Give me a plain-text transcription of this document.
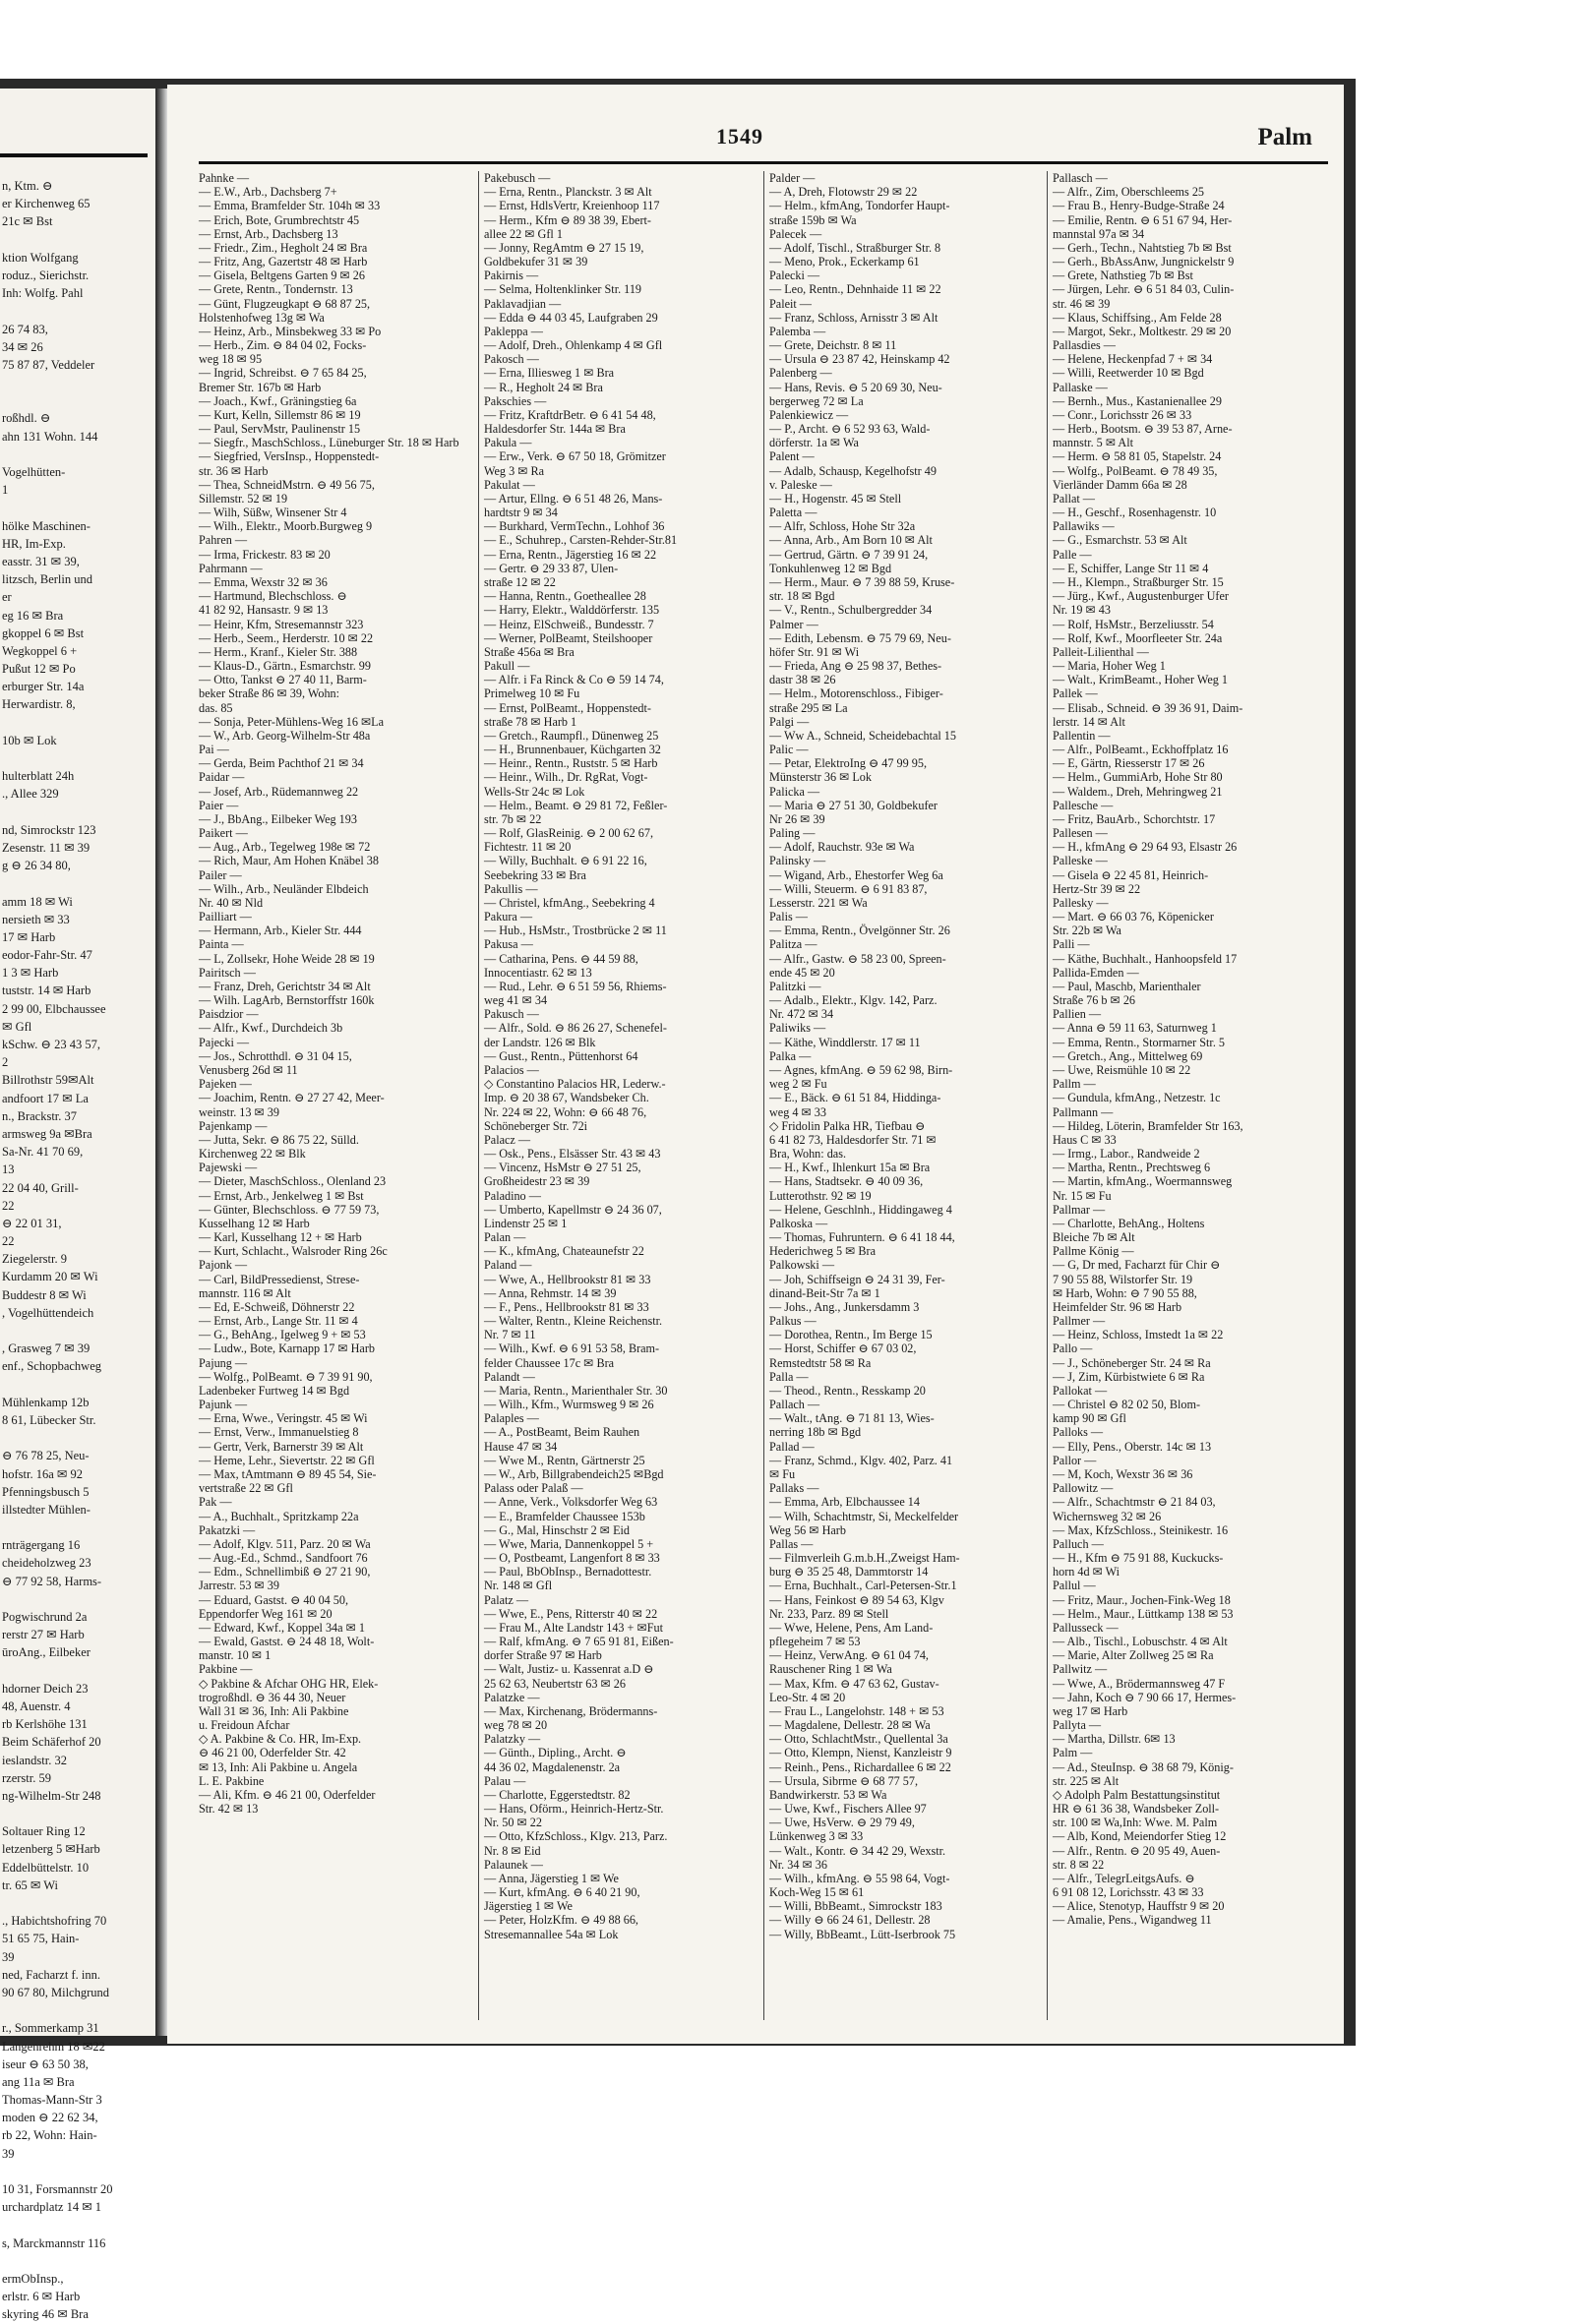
n, Ktm. ⊖
er Kirchenweg 65
21c ✉ Bst
ktion Wolfgang
roduz., Sierichstr.
Inh: Wolfg. Pahl
26 74 83,
34 ✉ 26
75 87 87, Veddeler
roßhdl. ⊖
ahn 131 Wohn. 144
Vogelhütten-
1
hölke Maschinen-
HR, Im-Exp.
easstr. 31 ✉ 39,
litzsch, Berlin und
er
eg 16 ✉ Bra
gkoppel 6 ✉ Bst
Wegkoppel 6 +
Pußut 12 ✉ Po
erburger Str. 14a
Herwardistr. 8,
10b ✉ Lok
hulterblatt 24h
., Allee 329
nd, Simrockstr 123
Zesenstr. 11 ✉ 39
g ⊖ 26 34 80,
amm 18 ✉ Wi
nersieth ✉ 33
17 ✉ Harb
eodor-Fahr-Str. 47
1 3 ✉ Harb
tuststr. 14 ✉ Harb
2 99 00, Elbchaussee
✉ Gfl
kSchw. ⊖ 23 43 57,
2
Billrothstr 59✉Alt
andfoort 17 ✉ La
n., Brackstr. 37
armsweg 9a ✉Bra
Sa-Nr. 41 70 69,
13
22 04 40, Grill-
22
⊖ 22 01 31,
22
Ziegelerstr. 9
Kurdamm 20 ✉ Wi
Buddestr 8 ✉ Wi
, Vogelhüttendeich
, Grasweg 7 ✉ 39
enf., Schopbachweg
Mühlenkamp 12b
8 61, Lübecker Str.
⊖ 76 78 25, Neu-
hofstr. 16a ✉ 92
Pfenningsbusch 5
illstedter Mühlen-
rnträgergang 16
cheideholzweg 23
⊖ 77 92 58, Harms-
Pogwischrund 2a
rerstr 27 ✉ Harb
ūroAng., Eilbeker
hdorner Deich 23
48, Auenstr. 4
rb Kerlshöhe 131
Beim Schäferhof 20
ieslandstr. 32
rzerstr. 59
ng-Wilhelm-Str 248
Soltauer Ring 12
letzenberg 5 ✉Harb
Eddelbüttelstr. 10
tr. 65 ✉ Wi
., Habichtshofring 70
51 65 75, Hain-
39
ned, Facharzt f. inn.
90 67 80, Milchgrund
r., Sommerkamp 31
Langenrehm 18 ✉22
iseur ⊖ 63 50 38,
ang 11a ✉ Bra
Thomas-Mann-Str 3
moden ⊖ 22 62 34,
rb 22, Wohn: Hain-
39
10 31, Forsmannstr 20
urchardplatz 14 ✉ 1
s, Marckmannstr 116
ermObInsp.,
erlstr. 6 ✉ Harb
skyring 46 ✉ Bra
1549	Palm
Pahnke —
— E.W., Arb., Dachsberg 7+
— Emma, Bramfelder Str. 104h ✉ 33
— Erich, Bote, Grumbrechtstr 45
— Ernst, Arb., Dachsberg 13
— Friedr., Zim., Hegholt 24 ✉ Bra
— Fritz, Ang, Gazertstr 48 ✉ Harb
— Gisela, Beltgens Garten 9 ✉ 26
— Grete, Rentn., Tondernstr. 13
— Günt, Flugzeugkapt ⊖ 68 87 25,
Holstenhofweg 13g ✉ Wa
— Heinz, Arb., Minsbekweg 33 ✉ Po
— Herb., Zim. ⊖ 84 04 02, Focks-
weg 18 ✉ 95
— Ingrid, Schreibst. ⊖ 7 65 84 25,
Bremer Str. 167b ✉ Harb
— Joach., Kwf., Gräningstieg 6a
— Kurt, Kelln, Sillemstr 86 ✉ 19
— Paul, ServMstr, Paulinenstr 15
— Siegfr., MaschSchloss., Lüneburger Str. 18 ✉ Harb
— Siegfried, VersInsp., Hoppenstedt-
str. 36 ✉ Harb
— Thea, SchneidMstrn. ⊖ 49 56 75,
Sillemstr. 52 ✉ 19
— Wilh, Süßw, Winsener Str 4
— Wilh., Elektr., Moorb.Burgweg 9
Pahren —
— Irma, Frickestr. 83 ✉ 20
Pahrmann —
— Emma, Wexstr 32 ✉ 36
— Hartmund, Blechschloss. ⊖
41 82 92, Hansastr. 9 ✉ 13
— Heinr, Kfm, Stresemannstr 323
— Herb., Seem., Herderstr. 10 ✉ 22
— Herm., Kranf., Kieler Str. 388
— Klaus-D., Gärtn., Esmarchstr. 99
— Otto, Tankst ⊖ 27 40 11, Barm-
beker Straße 86 ✉ 39, Wohn:
das. 85
— Sonja, Peter-Mühlens-Weg 16 ✉La
— W., Arb. Georg-Wilhelm-Str 48a
Pai —
— Gerda, Beim Pachthof 21 ✉ 34
Paidar —
— Josef, Arb., Rüdemannweg 22
Paier —
— J., BbAng., Eilbeker Weg 193
Paikert —
— Aug., Arb., Tegelweg 198e ✉ 72
— Rich, Maur, Am Hohen Knäbel 38
Pailer —
— Wilh., Arb., Neuländer Elbdeich
Nr. 40 ✉ Nld
Pailliart —
— Hermann, Arb., Kieler Str. 444
Painta —
— L, Zollsekr, Hohe Weide 28 ✉ 19
Pairitsch —
— Franz, Dreh, Gerichtstr 34 ✉ Alt
— Wilh. LagArb, Bernstorffstr 160k
Paisdzior —
— Alfr., Kwf., Durchdeich 3b
Pajecki —
— Jos., Schrotthdl. ⊖ 31 04 15,
Venusberg 26d ✉ 11
Pajeken —
— Joachim, Rentn. ⊖ 27 27 42, Meer-
weinstr. 13 ✉ 39
Pajenkamp —
— Jutta, Sekr. ⊖ 86 75 22, Sülld.
Kirchenweg 22 ✉ Blk
Pajewski —
— Dieter, MaschSchloss., Olenland 23
— Ernst, Arb., Jenkelweg 1 ✉ Bst
— Günter, Blechschloss. ⊖ 77 59 73,
Kusselhang 12 ✉ Harb
— Karl, Kusselhang 12 + ✉ Harb
— Kurt, Schlacht., Walsroder Ring 26c
Pajonk —
— Carl, BildPressedienst, Strese-
mannstr. 116 ✉ Alt
— Ed, E-Schweiß, Döhnerstr 22
— Ernst, Arb., Lange Str. 11 ✉ 4
— G., BehAng., Igelweg 9 + ✉ 53
— Ludw., Bote, Karnapp 17 ✉ Harb
Pajung —
— Wolfg., PolBeamt. ⊖ 7 39 91 90,
Ladenbeker Furtweg 14 ✉ Bgd
Pajunk —
— Erna, Wwe., Veringstr. 45 ✉ Wi
— Ernst, Verw., Immanuelstieg 8
— Gertr, Verk, Barnerstr 39 ✉ Alt
— Heme, Lehr., Sievertstr. 22 ✉ Gfl
— Max, tAmtmann ⊖ 89 45 54, Sie-
vertstraße 22 ✉ Gfl
Pak —
— A., Buchhalt., Spritzkamp 22a
Pakatzki —
— Adolf, Klgv. 511, Parz. 20 ✉ Wa
— Aug.-Ed., Schmd., Sandfoort 76
— Edm., Schnellimbiß ⊖ 27 21 90,
Jarrestr. 53 ✉ 39
— Eduard, Gastst. ⊖ 40 04 50,
Eppendorfer Weg 161 ✉ 20
— Edward, Kwf., Koppel 34a ✉ 1
— Ewald, Gastst. ⊖ 24 48 18, Wolt-
manstr. 10 ✉ 1
Pakbine —
◇ Pakbine & Afchar OHG HR, Elek-
trogroßhdl. ⊖ 36 44 30, Neuer
Wall 31 ✉ 36, Inh: Ali Pakbine
u. Freidoun Afchar
◇ A. Pakbine & Co. HR, Im-Exp.
⊖ 46 21 00, Oderfelder Str. 42
✉ 13, Inh: Ali Pakbine u. Angela
L. E. Pakbine
— Ali, Kfm. ⊖ 46 21 00, Oderfelder
Str. 42 ✉ 13
Pakebusch —
— Erna, Rentn., Planckstr. 3 ✉ Alt
— Ernst, HdlsVertr, Kreienhoop 117
— Herm., Kfm ⊖ 89 38 39, Ebert-
allee 22 ✉ Gfl 1
— Jonny, RegAmtm ⊖ 27 15 19,
Goldbekufer 31 ✉ 39
Pakirnis —
— Selma, Holtenklinker Str. 119
Paklavadjian —
— Edda ⊖ 44 03 45, Laufgraben 29
Pakleppa —
— Adolf, Dreh., Ohlenkamp 4 ✉ Gfl
Pakosch —
— Erna, Illiesweg 1 ✉ Bra
— R., Hegholt 24 ✉ Bra
Pakschies —
— Fritz, KraftdrBetr. ⊖ 6 41 54 48,
Haldesdorfer Str. 144a ✉ Bra
Pakula —
— Erw., Verk. ⊖ 67 50 18, Grömitzer
Weg 3 ✉ Ra
Pakulat —
— Artur, Ellng. ⊖ 6 51 48 26, Mans-
hardtstr 9 ✉ 34
— Burkhard, VermTechn., Lohhof 36
— E., Schuhrep., Carsten-Rehder-Str.81
— Erna, Rentn., Jägerstieg 16 ✉ 22
— Gertr. ⊖ 29 33 87, Ulen-
straße 12 ✉ 22
— Hanna, Rentn., Goetheallee 28
— Harry, Elektr., Walddörferstr. 135
— Heinz, ElSchweiß., Bundesstr. 7
— Werner, PolBeamt, Steilshooper
Straße 456a ✉ Bra
Pakull —
— Alfr. i Fa Rinck & Co ⊖ 59 14 74,
Primelweg 10 ✉ Fu
— Ernst, PolBeamt., Hoppenstedt-
straße 78 ✉ Harb 1
— Gretch., Raumpfl., Dünenweg 25
— H., Brunnenbauer, Küchgarten 32
— Heinr., Rentn., Ruststr. 5 ✉ Harb
— Heinr., Wilh., Dr. RgRat, Vogt-
Wells-Str 24c ✉ Lok
— Helm., Beamt. ⊖ 29 81 72, Feßler-
str. 7b ✉ 22
— Rolf, GlasReinig. ⊖ 2 00 62 67,
Fichtestr. 11 ✉ 20
— Willy, Buchhalt. ⊖ 6 91 22 16,
Seebekring 33 ✉ Bra
Pakullis —
— Christel, kfmAng., Seebekring 4
Pakura —
— Hub., HsMstr., Trostbrücke 2 ✉ 11
Pakusa —
— Catharina, Pens. ⊖ 44 59 88,
Innocentiastr. 62 ✉ 13
— Rud., Lehr. ⊖ 6 51 59 56, Rhiems-
weg 41 ✉ 34
Pakusch —
— Alfr., Sold. ⊖ 86 26 27, Schenefel-
der Landstr. 126 ✉ Blk
— Gust., Rentn., Püttenhorst 64
Palacios —
◇ Constantino Palacios HR, Lederw.-
Imp. ⊖ 20 38 67, Wandsbeker Ch.
Nr. 224 ✉ 22, Wohn: ⊖ 66 48 76,
Schöneberger Str. 72i
Palacz —
— Osk., Pens., Elsässer Str. 43 ✉ 43
— Vincenz, HsMstr ⊖ 27 51 25,
Großheidestr 23 ✉ 39
Paladino —
— Umberto, Kapellmstr ⊖ 24 36 07,
Lindenstr 25 ✉ 1
Palan —
— K., kfmAng, Chateaunefstr 22
Paland —
— Wwe, A., Hellbrookstr 81 ✉ 33
— Anna, Rehmstr. 14 ✉ 39
— F., Pens., Hellbrookstr 81 ✉ 33
— Walter, Rentn., Kleine Reichenstr.
Nr. 7 ✉ 11
— Wilh., Kwf. ⊖ 6 91 53 58, Bram-
felder Chaussee 17c ✉ Bra
Palandt —
— Maria, Rentn., Marienthaler Str. 30
— Wilh., Kfm., Wurmsweg 9 ✉ 26
Palaples —
— A., PostBeamt, Beim Rauhen
Hause 47 ✉ 34
— Wwe M., Rentn, Gärtnerstr 25
— W., Arb, Billgrabendeich25 ✉Bgd
Palass oder Palaß —
— Anne, Verk., Volksdorfer Weg 63
— E., Bramfelder Chaussee 153b
— G., Mal, Hinschstr 2 ✉ Eid
— Wwe, Maria, Dannenkoppel 5 +
— O, Postbeamt, Langenfort 8 ✉ 33
— Paul, BbObInsp., Bernadottestr.
Nr. 148 ✉ Gfl
Palatz —
— Wwe, E., Pens, Ritterstr 40 ✉ 22
— Frau M., Alte Landstr 143 + ✉Fut
— Ralf, kfmAng. ⊖ 7 65 91 81, Eißen-
dorfer Straße 97 ✉ Harb
— Walt, Justiz- u. Kassenrat a.D ⊖
25 62 63, Neubertstr 63 ✉ 26
Palatzke —
— Max, Kirchenang, Brödermanns-
weg 78 ✉ 20
Palatzky —
— Günth., Dipling., Archt. ⊖
44 36 02, Magdalenenstr. 2a
Palau —
— Charlotte, Eggerstedtstr. 82
— Hans, Oförm., Heinrich-Hertz-Str.
Nr. 50 ✉ 22
— Otto, KfzSchloss., Klgv. 213, Parz.
Nr. 8 ✉ Eid
Palaunek —
— Anna, Jägerstieg 1 ✉ We
— Kurt, kfmAng. ⊖ 6 40 21 90,
Jägerstieg 1 ✉ We
— Peter, HolzKfm. ⊖ 49 88 66,
Stresemannallee 54a ✉ Lok
Palder —
— A, Dreh, Flotowstr 29 ✉ 22
— Helm., kfmAng, Tondorfer Haupt-
straße 159b ✉ Wa
Palecek —
— Adolf, Tischl., Straßburger Str. 8
— Meno, Prok., Eckerkamp 61
Palecki —
— Leo, Rentn., Dehnhaide 11 ✉ 22
Paleit —
— Franz, Schloss, Arnisstr 3 ✉ Alt
Palemba —
— Grete, Deichstr. 8 ✉ 11
— Ursula ⊖ 23 87 42, Heinskamp 42
Palenberg —
— Hans, Revis. ⊖ 5 20 69 30, Neu-
bergerweg 72 ✉ La
Palenkiewicz —
— P., Archt. ⊖ 6 52 93 63, Wald-
dörferstr. 1a ✉ Wa
Palent —
— Adalb, Schausp, Kegelhofstr 49
v. Paleske —
— H., Hogenstr. 45 ✉ Stell
Paletta —
— Alfr, Schloss, Hohe Str 32a
— Anna, Arb., Am Born 10 ✉ Alt
— Gertrud, Gärtn. ⊖ 7 39 91 24,
Tonkuhlenweg 12 ✉ Bgd
— Herm., Maur. ⊖ 7 39 88 59, Kruse-
str. 18 ✉ Bgd
— V., Rentn., Schulbergredder 34
Palmer —
— Edith, Lebensm. ⊖ 75 79 69, Neu-
höfer Str. 91 ✉ Wi
— Frieda, Ang ⊖ 25 98 37, Bethes-
dastr 38 ✉ 26
— Helm., Motorenschloss., Fibiger-
straße 295 ✉ La
Palgi —
— Ww A., Schneid, Scheidebachtal 15
Palic —
— Petar, ElektroIng ⊖ 47 99 95,
Münsterstr 36 ✉ Lok
Palicka —
— Maria ⊖ 27 51 30, Goldbekufer
Nr 26 ✉ 39
Paling —
— Adolf, Rauchstr. 93e ✉ Wa
Palinsky —
— Wigand, Arb., Ehestorfer Weg 6a
— Willi, Steuerm. ⊖ 6 91 83 87,
Lesserstr. 221 ✉ Wa
Palis —
— Emma, Rentn., Övelgönner Str. 26
Palitza —
— Alfr., Gastw. ⊖ 58 23 00, Spreen-
ende 45 ✉ 20
Palitzki —
— Adalb., Elektr., Klgv. 142, Parz.
Nr. 472 ✉ 34
Paliwiks —
— Käthe, Winddlerstr. 17 ✉ 11
Palka —
— Agnes, kfmAng. ⊖ 59 62 98, Birn-
weg 2 ✉ Fu
— E., Bäck. ⊖ 61 51 84, Hiddinga-
weg 4 ✉ 33
◇ Fridolin Palka HR, Tiefbau ⊖
6 41 82 73, Haldesdorfer Str. 71 ✉
Bra, Wohn: das.
— H., Kwf., Ihlenkurt 15a ✉ Bra
— Hans, Stadtsekr. ⊖ 40 09 36,
Lutterothstr. 92 ✉ 19
— Helene, Geschlnh., Hiddingaweg 4
Palkoska —
— Thomas, Fuhruntern. ⊖ 6 41 18 44,
Hederichweg 5 ✉ Bra
Palkowski —
— Joh, Schiffseign ⊖ 24 31 39, Fer-
dinand-Beit-Str 7a ✉ 1
— Johs., Ang., Junkersdamm 3
Palkus —
— Dorothea, Rentn., Im Berge 15
— Horst, Schiffer ⊖ 67 03 02,
Remstedtstr 58 ✉ Ra
Palla —
— Theod., Rentn., Resskamp 20
Pallach —
— Walt., tAng. ⊖ 71 81 13, Wies-
nerring 18b ✉ Bgd
Pallad —
— Franz, Schmd., Klgv. 402, Parz. 41
✉ Fu
Pallaks —
— Emma, Arb, Elbchaussee 14
— Wilh, Schachtmstr, Si, Meckelfelder
Weg 56 ✉ Harb
Pallas —
— Filmverleih G.m.b.H.,Zweigst Ham-
burg ⊖ 35 25 48, Dammtorstr 14
— Erna, Buchhalt., Carl-Petersen-Str.1
— Hans, Feinkost ⊖ 89 54 63, Klgv
Nr. 233, Parz. 89 ✉ Stell
— Wwe, Helene, Pens, Am Land-
pflegeheim 7 ✉ 53
— Heinz, VerwAng. ⊖ 61 04 74,
Rauschener Ring 1 ✉ Wa
— Max, Kfm. ⊖ 47 63 62, Gustav-
Leo-Str. 4 ✉ 20
— Frau L., Langelohstr. 148 + ✉ 53
— Magdalene, Dellestr. 28 ✉ Wa
— Otto, SchlachtMstr., Quellental 3a
— Otto, Klempn, Nienst, Kanzleistr 9
— Reinh., Pens., Richardallee 6 ✉ 22
— Ursula, Sibrme ⊖ 68 77 57,
Bandwirkerstr. 53 ✉ Wa
— Uwe, Kwf., Fischers Allee 97
— Uwe, HsVerw. ⊖ 29 79 49,
Lünkenweg 3 ✉ 33
— Walt., Kontr. ⊖ 34 42 29, Wexstr.
Nr. 34 ✉ 36
— Wilh., kfmAng. ⊖ 55 98 64, Vogt-
Koch-Weg 15 ✉ 61
— Willi, BbBeamt., Simrockstr 183
— Willy ⊖ 66 24 61, Dellestr. 28
— Willy, BbBeamt., Lütt-Iserbrook 75
Pallasch —
— Alfr., Zim, Oberschleems 25
— Frau B., Henry-Budge-Straße 24
— Emilie, Rentn. ⊖ 6 51 67 94, Her-
mannstal 97a ✉ 34
— Gerh., Techn., Nahtstieg 7b ✉ Bst
— Gerh., BbAssAnw, Jungnickelstr 9
— Grete, Nathstieg 7b ✉ Bst
— Jürgen, Lehr. ⊖ 6 51 84 03, Culin-
str. 46 ✉ 39
— Klaus, Schiffsing., Am Felde 28
— Margot, Sekr., Moltkestr. 29 ✉ 20
Pallasdies —
— Helene, Heckenpfad 7 + ✉ 34
— Willi, Reetwerder 10 ✉ Bgd
Pallaske —
— Bernh., Mus., Kastanienallee 29
— Conr., Lorichsstr 26 ✉ 33
— Herb., Bootsm. ⊖ 39 53 87, Arne-
mannstr. 5 ✉ Alt
— Herm. ⊖ 58 81 05, Stapelstr. 24
— Wolfg., PolBeamt. ⊖ 78 49 35,
Vierländer Damm 66a ✉ 28
Pallat —
— H., Geschf., Rosenhagenstr. 10
Pallawiks —
— G., Esmarchstr. 53 ✉ Alt
Palle —
— E, Schiffer, Lange Str 11 ✉ 4
— H., Klempn., Straßburger Str. 15
— Jürg., Kwf., Augustenburger Ufer
Nr. 19 ✉ 43
— Rolf, HsMstr., Berzeliusstr. 54
— Rolf, Kwf., Moorfleeter Str. 24a
Palleit-Lilienthal —
— Maria, Hoher Weg 1
— Walt., KrimBeamt., Hoher Weg 1
Pallek —
— Elisab., Schneid. ⊖ 39 36 91, Daim-
lerstr. 14 ✉ Alt
Pallentin —
— Alfr., PolBeamt., Eckhoffplatz 16
— E, Gärtn, Riesserstr 17 ✉ 26
— Helm., GummiArb, Hohe Str 80
— Waldem., Dreh, Mehringweg 21
Pallesche —
— Fritz, BauArb., Schorchtstr. 17
Pallesen —
— H., kfmAng ⊖ 29 64 93, Elsastr 26
Palleske —
— Gisela ⊖ 22 45 81, Heinrich-
Hertz-Str 39 ✉ 22
Pallesky —
— Mart. ⊖ 66 03 76, Köpenicker
Str. 22b ✉ Wa
Palli —
— Käthe, Buchhalt., Hanhoopsfeld 17
Pallida-Emden —
— Paul, Maschb, Marienthaler
Straße 76 b ✉ 26
Pallien —
— Anna ⊖ 59 11 63, Saturnweg 1
— Emma, Rentn., Stormarner Str. 5
— Gretch., Ang., Mittelweg 69
— Uwe, Reismühle 10 ✉ 22
Pallm —
— Gundula, kfmAng., Netzestr. 1c
Pallmann —
— Hildeg, Löterin, Bramfelder Str 163,
Haus C ✉ 33
— Irmg., Labor., Randweide 2
— Martha, Rentn., Prechtsweg 6
— Martin, kfmAng., Woermannsweg
Nr. 15 ✉ Fu
Pallmar —
— Charlotte, BehAng., Holtens
Bleiche 7b ✉ Alt
Pallme König —
— G, Dr med, Facharzt für Chir ⊖
7 90 55 88, Wilstorfer Str. 19
✉ Harb, Wohn: ⊖ 7 90 55 88,
Heimfelder Str. 96 ✉ Harb
Pallmer —
— Heinz, Schloss, Imstedt 1a ✉ 22
Pallo —
— J., Schöneberger Str. 24 ✉ Ra
— J, Zim, Kürbistwiete 6 ✉ Ra
Pallokat —
— Christel ⊖ 82 02 50, Blom-
kamp 90 ✉ Gfl
Palloks —
— Elly, Pens., Oberstr. 14c ✉ 13
Pallor —
— M, Koch, Wexstr 36 ✉ 36
Pallowitz —
— Alfr., Schachtmstr ⊖ 21 84 03,
Wichernsweg 32 ✉ 26
— Max, KfzSchloss., Steinikestr. 16
Palluch —
— H., Kfm ⊖ 75 91 88, Kuckucks-
horn 4d ✉ Wi
Pallul —
— Fritz, Maur., Jochen-Fink-Weg 18
— Helm., Maur., Lüttkamp 138 ✉ 53
Pallusseck —
— Alb., Tischl., Lobuschstr. 4 ✉ Alt
— Marie, Alter Zollweg 25 ✉ Ra
Pallwitz —
— Wwe, A., Brödermannsweg 47 F
— Jahn, Koch ⊖ 7 90 66 17, Hermes-
weg 17 ✉ Harb
Pallyta —
— Martha, Dillstr. 6✉ 13
Palm —
— Ad., SteuInsp. ⊖ 38 68 79, König-
str. 225 ✉ Alt
◇ Adolph Palm Bestattungsinstitut
HR ⊖ 61 36 38, Wandsbeker Zoll-
str. 100 ✉ Wa,Inh: Wwe. M. Palm
— Alb, Kond, Meiendorfer Stieg 12
— Alfr., Rentn. ⊖ 20 95 49, Auen-
str. 8 ✉ 22
— Alfr., TelegrLeitgsAufs. ⊖
6 91 08 12, Lorichsstr. 43 ✉ 33
— Alice, Stenotyp, Hauffstr 9 ✉ 20
— Amalie, Pens., Wigandweg 11
